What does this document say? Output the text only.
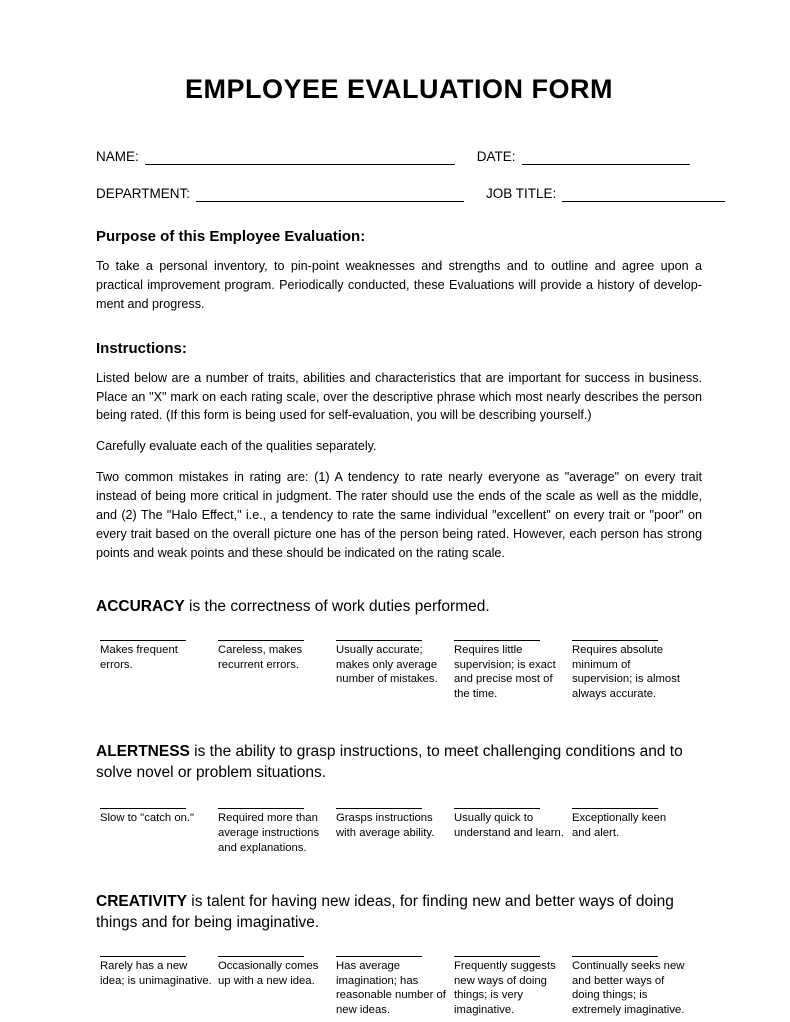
EMPLOYEE EVALUATION FORM
NAME:	DATE:
DEPARTMENT:	JOB TITLE:
Purpose of this Employee Evaluation:

To take a personal inventory, to pin-point weaknesses and strengths and to outline and agree upon a practical improvement program. Periodically conducted, these Evaluations will provide a history of develop-ment and progress.

Instructions:

Listed below are a number of traits, abilities and characteristics that are important for success in business. Place an "X" mark on each rating scale, over the descriptive phrase which most nearly describes the person being rated. (If this form is being used for self-evaluation, you will be describing yourself.)

Carefully evaluate each of the qualities separately.

Two common mistakes in rating are: (1) A tendency to rate nearly everyone as "average" on every trait instead of being more critical in judgment. The rater should use the ends of the scale as well as the middle, and (2) The "Halo Effect," i.e., a tendency to rate the same individual "excellent" on every trait or "poor" on every trait based on the overall picture one has of the person being rated. However, each person has strong points and weak points and these should be indicated on the rating scale.

ACCURACY is the correctness of work duties performed.
Makes frequent errors.
Careless, makes recurrent errors.
Usually accurate; makes only average number of mistakes.
Requires little supervision; is exact and precise most of the time.
Requires absolute minimum of supervision; is almost always accurate.
ALERTNESS is the ability to grasp instructions, to meet challenging conditions and to solve novel or problem situations.
Slow to "catch on."	Required more than average instructions and explanations.
Grasps instructions with average ability.
Usually quick to understand and learn.
Exceptionally keen and alert.
CREATIVITY is talent for having new ideas, for finding new and better ways of doing things and for being imaginative.
Rarely has a new idea; is unimaginative.
Occasionally comes up with a new idea.
Has average imagination; has reasonable number of new ideas.
Frequently suggests new ways of doing things; is very imaginative.
Continually seeks new and better ways of doing things; is extremely imaginative.
